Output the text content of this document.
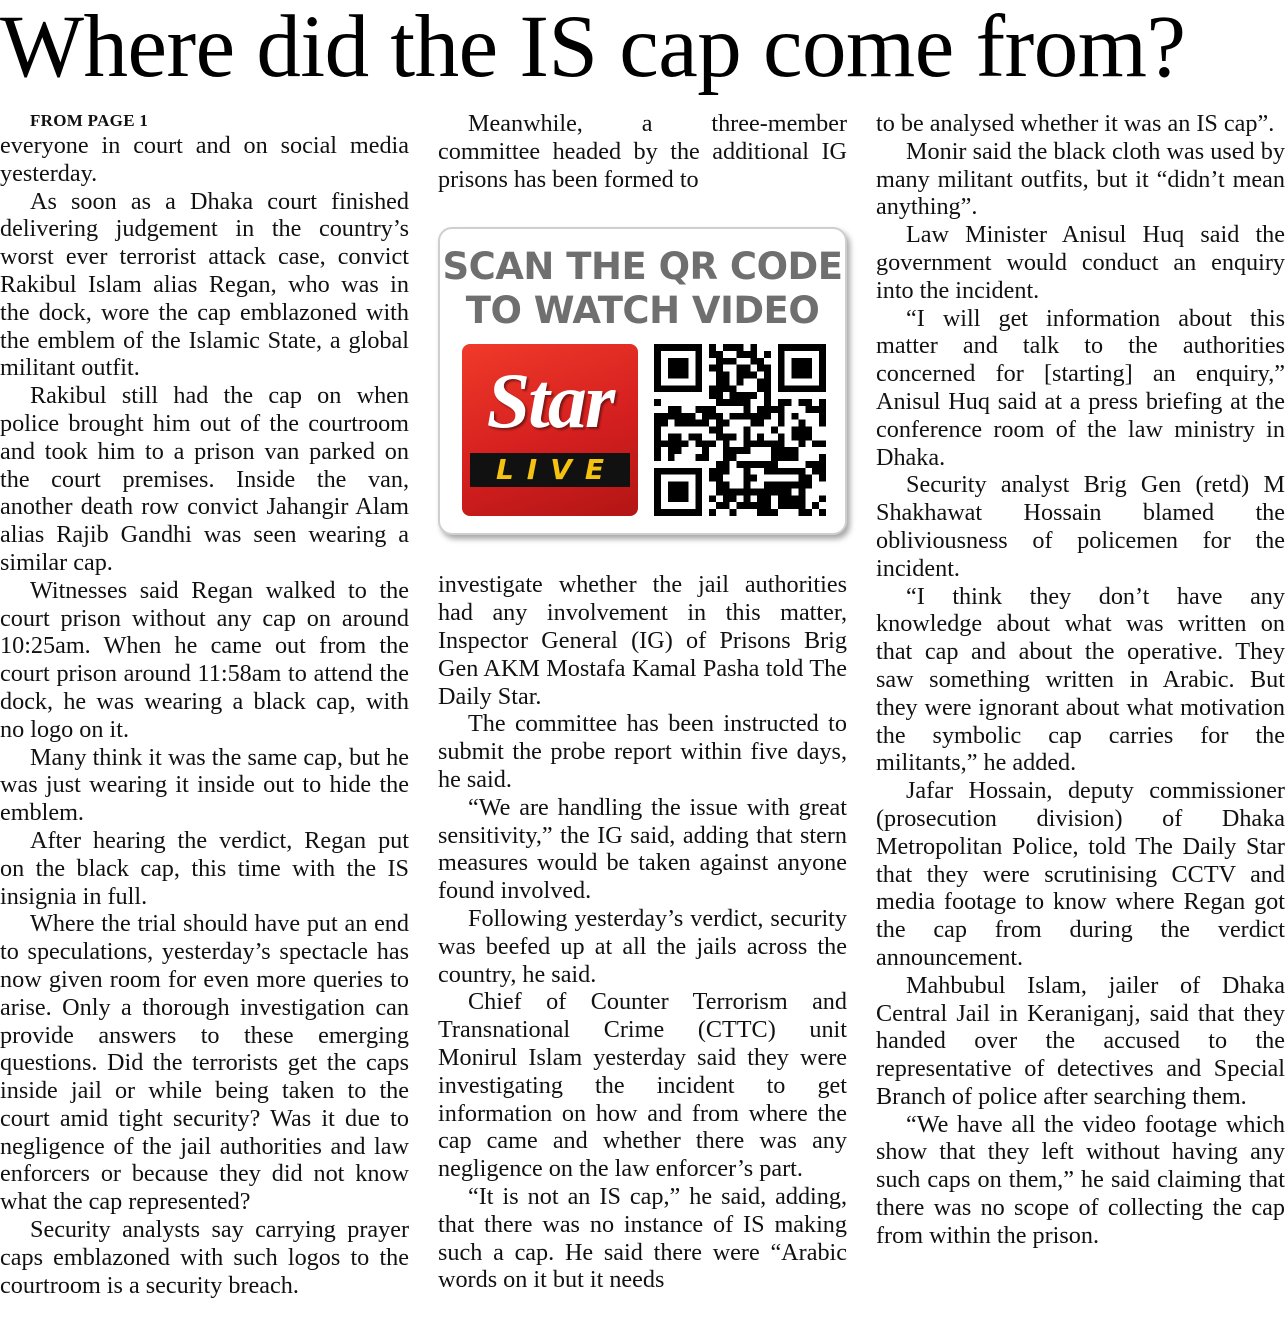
Where did the IS cap come from?

FROM PAGE 1

everyone in court and on social media yesterday.

As soon as a Dhaka court finished delivering judgement in the country’s worst ever terrorist attack case, convict Rakibul Islam alias Regan, who was in the dock, wore the cap emblazoned with the emblem of the Islamic State, a global militant outfit.

Rakibul still had the cap on when police brought him out of the courtroom and took him to a prison van parked on the court premises. Inside the van, another death row convict Jahangir Alam alias Rajib Gandhi was seen wearing a similar cap.

Witnesses said Regan walked to the court prison without any cap on around 10:25am. When he came out from the court prison around 11:58am to attend the dock, he was wearing a black cap, with no logo on it.

Many think it was the same cap, but he was just wearing it inside out to hide the emblem.

After hearing the verdict, Regan put on the black cap, this time with the IS insignia in full.

Where the trial should have put an end to speculations, yesterday’s spectacle has now given room for even more queries to arise. Only a thorough investigation can provide answers to these emerging questions. Did the terrorists get the caps inside jail or while being taken to the court amid tight security? Was it due to negligence of the jail authorities and law enforcers or because they did not know what the cap represented?

Security analysts say carrying prayer caps emblazoned with such logos to the courtroom is a security breach.

Meanwhile, a three-member committee headed by the additional IG prisons has been formed to

SCAN THE QR CODE
TO WATCH VIDEO
Star
LIVE

investigate whether the jail authorities had any involvement in this matter, Inspector General (IG) of Prisons Brig Gen AKM Mostafa Kamal Pasha told The Daily Star.

The committee has been instructed to submit the probe report within five days, he said.

“We are handling the issue with great sensitivity,” the IG said, adding that stern measures would be taken against anyone found involved.

Following yesterday’s verdict, security was beefed up at all the jails across the country, he said.

Chief of Counter Terrorism and Transnational Crime (CTTC) unit Monirul Islam yesterday said they were investigating the incident to get information on how and from where the cap came and whether there was any negligence on the law enforcer’s part.

“It is not an IS cap,” he said, adding, that there was no instance of IS making such a cap. He said there were “Arabic words on it but it needs

to be analysed whether it was an IS cap”.

Monir said the black cloth was used by many militant outfits, but it “didn’t mean anything”.

Law Minister Anisul Huq said the government would conduct an enquiry into the incident.

“I will get information about this matter and talk to the authorities concerned for [starting] an enquiry,” Anisul Huq said at a press briefing at the conference room of the law ministry in Dhaka.

Security analyst Brig Gen (retd) M Shakhawat Hossain blamed the obliviousness of policemen for the incident.

“I think they don’t have any knowledge about what was written on that cap and about the operative. They saw something written in Arabic. But they were ignorant about what motivation the symbolic cap carries for the militants,” he added.

Jafar Hossain, deputy commissioner (prosecution division) of Dhaka Metropolitan Police, told The Daily Star that they were scrutinising CCTV and media footage to know where Regan got the cap from during the verdict announcement.

Mahbubul Islam, jailer of Dhaka Central Jail in Keraniganj, said that they handed over the accused to the representative of detectives and Special Branch of police after searching them.

“We have all the video footage which show that they left without having any such caps on them,” he said claiming that there was no scope of collecting the cap from within the prison.
